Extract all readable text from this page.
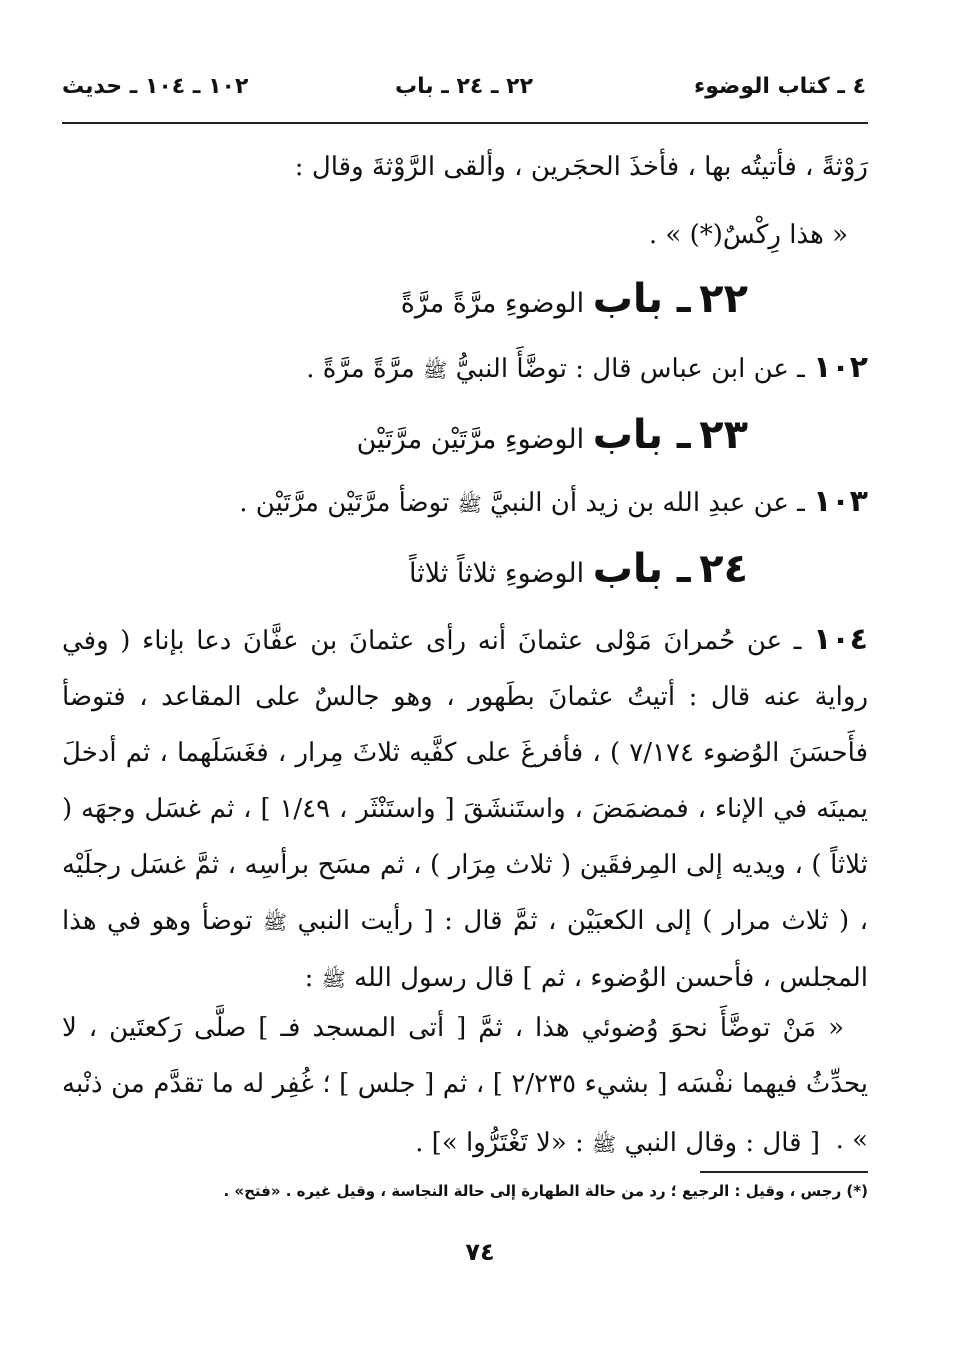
٤ ـ كتاب الوضوء
٢٢ ـ ٢٤ ـ باب
١٠٢ ـ ١٠٤ ـ حديث
رَوْثةً ، فأتيتُه بها ، فأخذَ الحجَرين ، وألقى الرَّوْثةَ وقال :
« هذا رِكْسٌ(*) » .
٢٢ ـ باب الوضوءِ مرَّةً مرَّةً
١٠٢ ـ عن ابن عباس قال : توضَّأَ النبيُّ ﷺ مرَّةً مرَّةً .
٢٣ ـ باب الوضوءِ مرَّتَيْن مرَّتَيْن
١٠٣ ـ عن عبدِ الله بن زيد أن النبيَّ ﷺ توضأ مرَّتَيْن مرَّتَيْن .
٢٤ ـ باب الوضوءِ ثلاثاً ثلاثاً
١٠٤ ـ عن حُمرانَ مَوْلى عثمانَ أنه رأى عثمانَ بن عفَّانَ دعا بإناء ( وفي رواية عنه قال : أتيتُ عثمانَ بطَهور ، وهو جالسٌ على المقاعد ، فتوضأ فأَحسَنَ الوُضوء ٧/١٧٤ ) ، فأفرغَ على كفَّيه ثلاثَ مِرار ، فغَسَلَهما ، ثم أدخلَ يمينَه في الإناء ، فمضمَضَ ، واستَنشَقَ [ واستَنْثَر ، ١/٤٩ ] ، ثم غسَل وجهَه ( ثلاثاً ) ، ويديه إلى المِرفقَين ( ثلاث مِرَار ) ، ثم مسَح برأسِه ، ثمَّ غسَل رجلَيْه ، ( ثلاث مرار ) إلى الكعبَيْن ، ثمَّ قال : [ رأيت النبي ﷺ توضأ وهو في هذا المجلس ، فأحسن الوُضوء ، ثم ] قال رسول الله ﷺ :
« مَنْ توضَّأَ نحوَ وُضوئي هذا ، ثمَّ [ أتى المسجد فـ ] صلَّى رَكعتَين ، لا يحدِّثُ فيهما نفْسَه [ بشيء ٢/٢٣٥ ] ، ثم [ جلس ] ؛ غُفِر له ما تقدَّم من ذنْبه » .
[ قال : وقال النبي ﷺ : «لا تَغْتَرُّوا »] .
(*) رجس ، وقيل : الرجيع ؛ رد من حالة الطهارة إلى حالة النجاسة ، وقيل غيره . «فتح» .
٧٤
